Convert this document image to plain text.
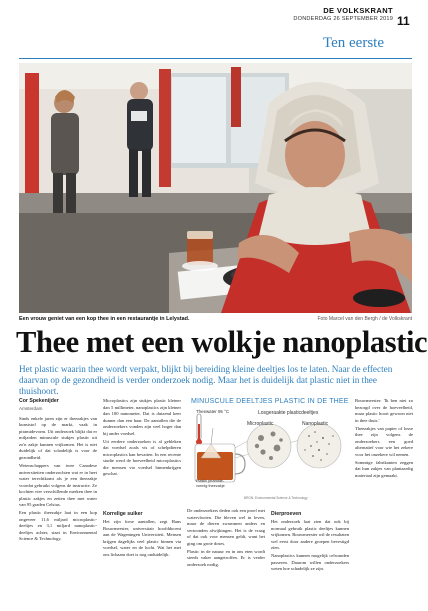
DE VOLKSKRANT
DONDERDAG 26 SEPTEMBER 2019 11
Ten eerste
Een vrouw geniet van een kop thee in een restaurantje in Lelystad.	Foto Marcel van den Bergh / de Volkskrant
Thee met een wolkje nanoplastic
Het plastic waarin thee wordt verpakt, blijkt bij bereiding kleine deeltjes los te laten. Naar de effecten daarvan op de gezondheid is verder onderzoek nodig. Maar het is duidelijk dat plastic niet in thee thuishoort.
Cor Spekenijder
Amsterdam

Sinds enkele jaren zijn er theezakjes van kunststof op de markt, vaak in piramidevorm. Uit onderzoek blijkt dat er miljarden minuscule stukjes plastic uit zo'n zakje kunnen vrijkomen. Het is niet duidelijk of dat schadelijk is voor de gezondheid.

Wetenschappers van twee Canadese universiteiten onderzochten wat er in heet water terechtkomt als je een theezakje voordat gebruikt volgens de instructie. Ze kochten vier verschillende merken thee in plastic zakjes en zetten thee met water van 95 graden Celsius.

Een plastic theezakje laat in een kop ongeveer 11,6 miljard microplastic-deeltjes en 3,1 miljard nanoplastic-deeltjes achter, staat in Environmental Science & Technology.

Microplastics zijn stukjes plastic kleiner dan 5 millimeter, nanoplastics zijn kleiner dan 100 nanometer. Dat is duizend keer dunner dan een haar. De aantallen die de onderzoekers vonden zijn veel hoger dan bij ander voedsel.

Uit eerdere onderzoeken is al gebleken dat voedsel zoals vis of schelpdieren microplastics kan bevatten. In een recente studie werd de hoeveelheid microplastics die mensen via voedsel binnenkrijgen geschat.

Korrelige suiker

Het zijn forse aantallen, zegt Hans Bouwmeester, universitair hoofddocent aan de Wageningen Universiteit. Mensen krijgen dagelijks veel plastic binnen via voedsel, water en de lucht. Wat het met ons lichaam doet is nog onduidelijk.

MINUSCULE DEELTJES PLASTIC IN DE THEE
Theewater 95 °C	Losgeraakte plasticdeeltjes
Microplastic	Nanoplastic
Plastic piramide-vormig theezakje
BRON: Environmental Science & Technology

De onderzoekers deden ook een proef met watervlooien. Die bleven wel in leven, maar de dieren zwommen anders en vertoonden afwijkingen. Het is de vraag of dat ook voor mensen geldt, want het ging om grote doses.

Plastic in de natuur en in ons eten wordt steeds vaker aangetroffen. Er is verder onderzoek nodig.

Dierproeven

Het onderzoek laat zien dat ook bij normaal gebruik plastic deeltjes kunnen vrijkomen. Bouwmeester wil de resultaten wel eerst door andere groepen bevestigd zien.

Nanoplastics kunnen mogelijk celwanden passeren. Daarom willen onderzoekers weten hoe schadelijk ze zijn.

Bouwmeester: 'Ik ben niet zo bezorgd over de hoeveelheid, maar plastic hoort gewoon niet in thee thuis.'

Theezakjes van papier of losse thee zijn volgens de onderzoekers een goed alternatief voor wie het zekere voor het onzekere wil nemen.

Sommige fabrikanten zeggen dat hun zakjes van plantaardig materiaal zijn gemaakt.
